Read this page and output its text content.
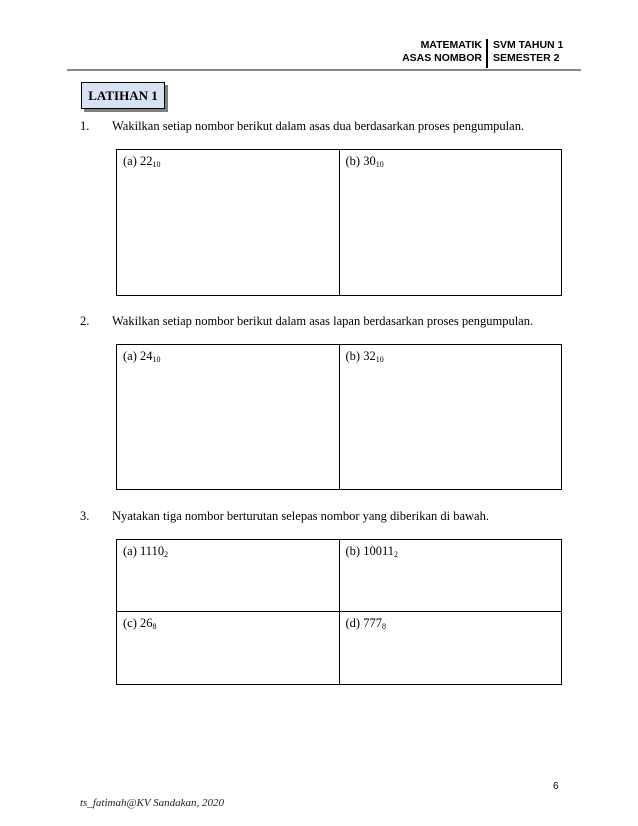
MATEMATIK
ASAS NOMBOR
SVM TAHUN 1
SEMESTER 2
LATIHAN 1
1.	Wakilkan setiap nombor berikut dalam asas dua berdasarkan proses pengumpulan.
(a) $22_{10}$	(b) $30_{10}$
2.	Wakilkan setiap nombor berikut dalam asas lapan berdasarkan proses pengumpulan.
(a) $24_{10}$	(b) $32_{10}$
3.	Nyatakan tiga nombor berturutan selepas nombor yang diberikan di bawah.
(a) $1110_2$	(b) $10011_2$
(c) $26_8$	(d) $777_8$
6
ts_fatimah@KV Sandakan, 2020
